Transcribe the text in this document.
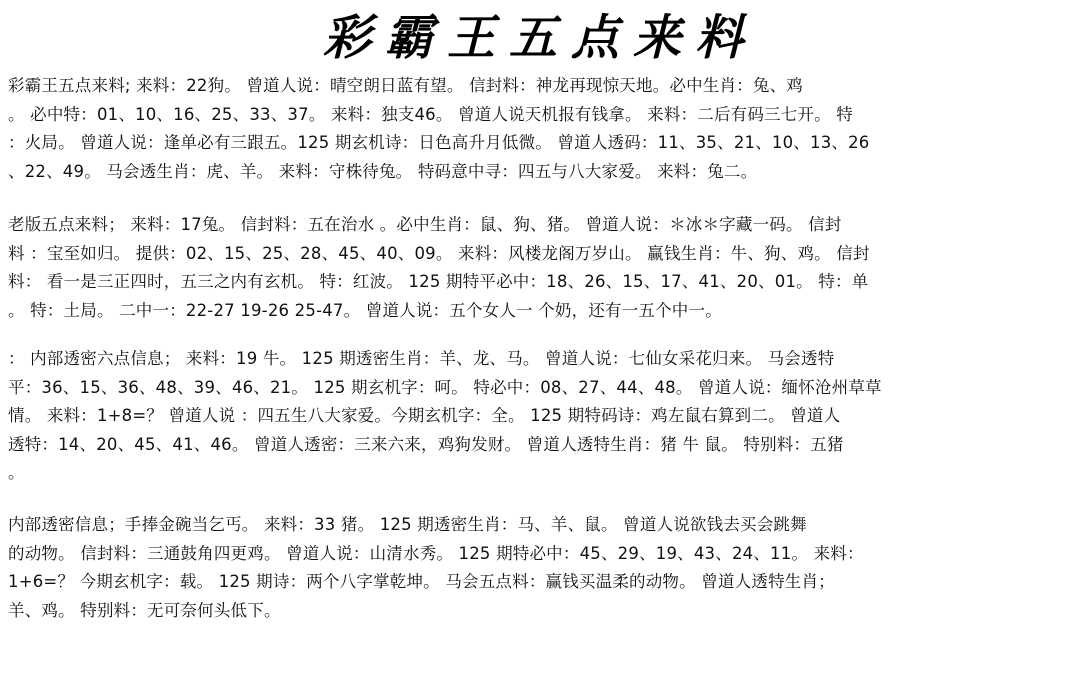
彩霸王五点来料
彩霸王五点来料; 来料：22狗。 曾道人说：晴空朗日蓝有望。 信封料：神龙再现惊天地。必中生肖：兔、鸡
。 必中特：01、10、16、25、33、37。 来料：独支46。 曾道人说天机报有钱拿。 来料：二后有码三七开。 特
：火局。 曾道人说：逢单必有三跟五。125 期玄机诗：日色高升月低微。 曾道人透码：11、35、21、10、13、26
、22、49。 马会透生肖：虎、羊。 来料：守株待兔。 特码意中寻：四五与八大家爱。 来料：兔二。
老版五点来料； 来料：17兔。 信封料：五在治水 。必中生肖：鼠、狗、猪。 曾道人说：＊冰＊字藏一码。 信封
料 ：宝至如归。 提供：02、15、25、28、45、40、09。 来料：风楼龙阁万岁山。 赢钱生肖：牛、狗、鸡。 信封
料： 看一是三正四时，五三之内有玄机。 特：红波。 125 期特平必中：18、26、15、17、41、20、01。 特：单
。 特：土局。 二中一：22-27 19-26 25-47。 曾道人说：五个女人一 个奶，还有一五个中一。
： 内部透密六点信息； 来料：19 牛。 125 期透密生肖：羊、龙、马。 曾道人说：七仙女采花归来。 马会透特
平：36、15、36、48、39、46、21。 125 期玄机字：呵。 特必中：08、27、44、48。 曾道人说：缅怀沧州草草
情。 来料：1+8=？ 曾道人说 ：四五生八大家爱。今期玄机字：全。 125 期特码诗：鸡左鼠右算到二。 曾道人
透特：14、20、45、41、46。 曾道人透密：三来六来，鸡狗发财。 曾道人透特生肖：猪 牛 鼠。 特别料：五猪
。
内部透密信息；手捧金碗当乞丐。 来料：33 猪。 125 期透密生肖：马、羊、鼠。 曾道人说欲钱去买会跳舞
的动物。 信封料：三通鼓角四更鸡。 曾道人说：山清水秀。 125 期特必中：45、29、19、43、24、11。 来料：
1+6=？ 今期玄机字：载。 125 期诗：两个八字掌乾坤。 马会五点料：赢钱买温柔的动物。 曾道人透特生肖；
羊、鸡。 特别料：无可奈何头低下。
